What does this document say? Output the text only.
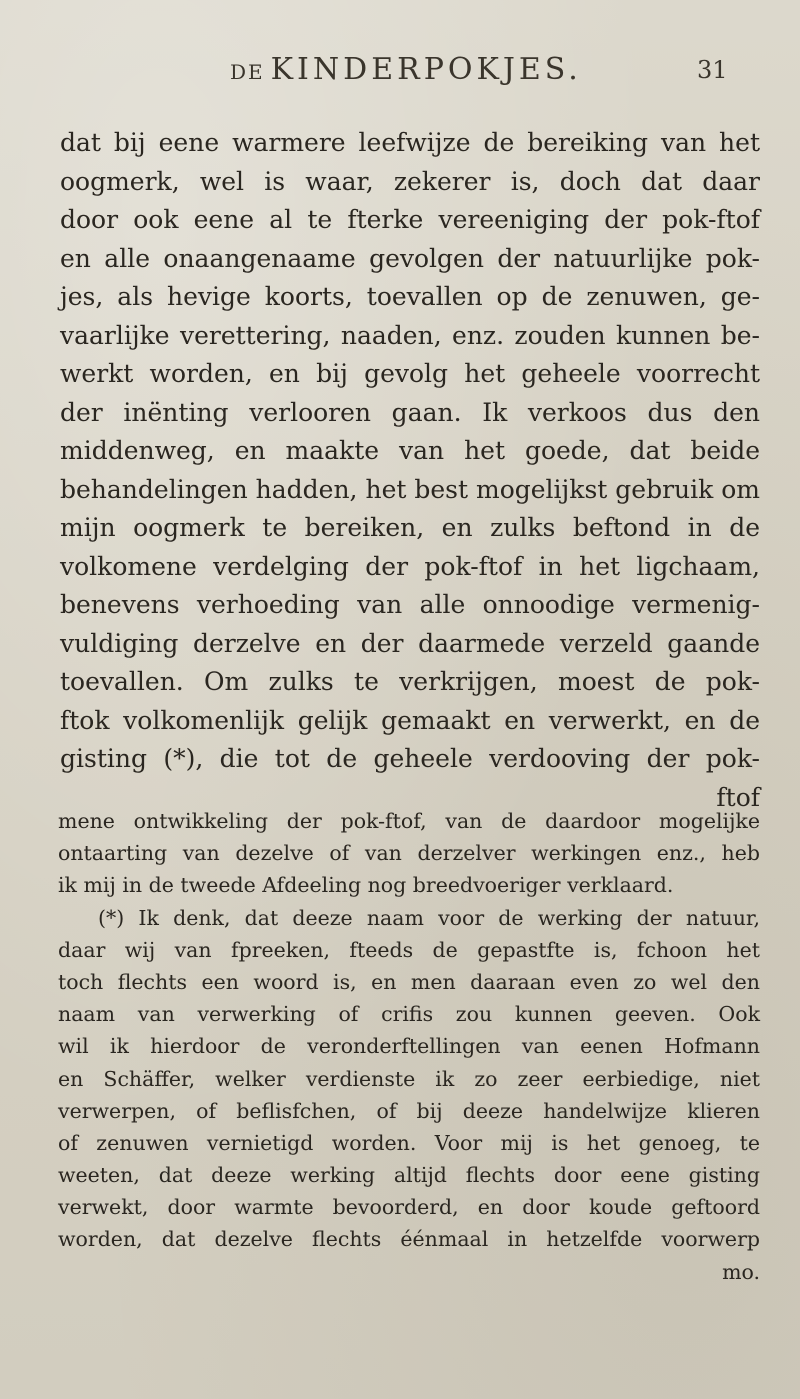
DE KINDERPOKJES.	31
dat bij eene warmere leefwijze de bereiking van het
oogmerk, wel is waar, zekerer is, doch dat daar
door ook eene al te fterke vereeniging der pok-ftof
en alle onaangenaame gevolgen der natuurlijke pok-
jes, als hevige koorts, toevallen op de zenuwen, ge-
vaarlijke verettering, naaden, enz. zouden kunnen be-
werkt worden, en bij gevolg het geheele voorrecht
der inënting verlooren gaan. Ik verkoos dus den
middenweg, en maakte van het goede, dat beide
behandelingen hadden, het best mogelijkst gebruik om
mijn oogmerk te bereiken, en zulks beftond in de
volkomene verdelging der pok-ftof in het ligchaam,
benevens verhoeding van alle onnoodige vermenig-
vuldiging derzelve en der daarmede verzeld gaande
toevallen. Om zulks te verkrijgen, moest de pok-
ftok volkomenlijk gelijk gemaakt en verwerkt, en de
gisting (*), die tot de geheele verdooving der pok-
ftof
mene ontwikkeling der pok-ftof, van de daardoor mogelijke
ontaarting van dezelve of van derzelver werkingen enz., heb
ik mij in de tweede Afdeeling nog breedvoeriger verklaard.
(*) Ik denk, dat deeze naam voor de werking der natuur,
daar wij van fpreeken, fteeds de gepastfte is, fchoon het
toch flechts een woord is, en men daaraan even zo wel den
naam van verwerking of crifis zou kunnen geeven. Ook
wil ik hierdoor de veronderftellingen van eenen Hofmann
en Schäffer, welker verdienste ik zo zeer eerbiedige, niet
verwerpen, of beflisfchen, of bij deeze handelwijze klieren
of zenuwen vernietigd worden. Voor mij is het genoeg, te
weeten, dat deeze werking altijd flechts door eene gisting
verwekt, door warmte bevoorderd, en door koude geftoord
worden, dat dezelve flechts éénmaal in hetzelfde voorwerp
mo.
